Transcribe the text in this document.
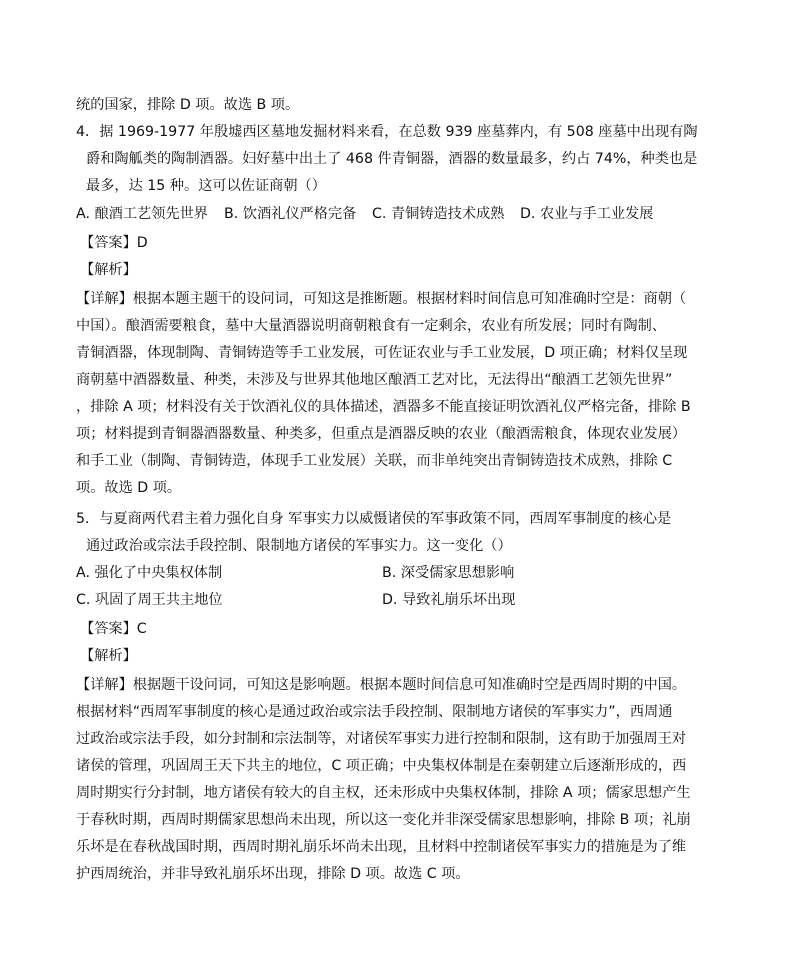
统的国家，排除 D 项。故选 B 项。
4．据 1969-1977 年殷墟西区墓地发掘材料来看，在总数 939 座墓葬内，有 508 座墓中出现有陶
爵和陶觚类的陶制酒器。妇好墓中出土了 468 件青铜器，酒器的数量最多，约占 74%，种类也是
最多，达 15 种。这可以佐证商朝（）
A. 酿酒工艺领先世界 B. 饮酒礼仪严格完备 C. 青铜铸造技术成熟 D. 农业与手工业发展
【答案】D
【解析】
【详解】根据本题主题干的设问词，可知这是推断题。根据材料时间信息可知准确时空是：商朝（
中国）。酿酒需要粮食，墓中大量酒器说明商朝粮食有一定剩余，农业有所发展；同时有陶制、
青铜酒器，体现制陶、青铜铸造等手工业发展，可佐证农业与手工业发展，D 项正确；材料仅呈现
商朝墓中酒器数量、种类，未涉及与世界其他地区酿酒工艺对比，无法得出“酿酒工艺领先世界”
，排除 A 项；材料没有关于饮酒礼仪的具体描述，酒器多不能直接证明饮酒礼仪严格完备，排除 B
项；材料提到青铜器酒器数量、种类多，但重点是酒器反映的农业（酿酒需粮食，体现农业发展）
和手工业（制陶、青铜铸造，体现手工业发展）关联，而非单纯突出青铜铸造技术成熟，排除 C
项。故选 D 项。
5．与夏商两代君主着力强化自身 军事实力以威慑诸侯的军事政策不同，西周军事制度的核心是
通过政治或宗法手段控制、限制地方诸侯的军事实力。这一变化（）
A. 强化了中央集权体制	B. 深受儒家思想影响
C. 巩固了周王共主地位	D. 导致礼崩乐坏出现
【答案】C
【解析】
【详解】根据题干设问词，可知这是影响题。根据本题时间信息可知准确时空是西周时期的中国。
根据材料“西周军事制度的核心是通过政治或宗法手段控制、限制地方诸侯的军事实力”，西周通
过政治或宗法手段，如分封制和宗法制等，对诸侯军事实力进行控制和限制，这有助于加强周王对
诸侯的管理，巩固周王天下共主的地位，C 项正确；中央集权体制是在秦朝建立后逐渐形成的，西
周时期实行分封制，地方诸侯有较大的自主权，还未形成中央集权体制，排除 A 项；儒家思想产生
于春秋时期，西周时期儒家思想尚未出现，所以这一变化并非深受儒家思想影响，排除 B 项；礼崩
乐坏是在春秋战国时期，西周时期礼崩乐坏尚未出现，且材料中控制诸侯军事实力的措施是为了维
护西周统治，并非导致礼崩乐坏出现，排除 D 项。故选 C 项。
